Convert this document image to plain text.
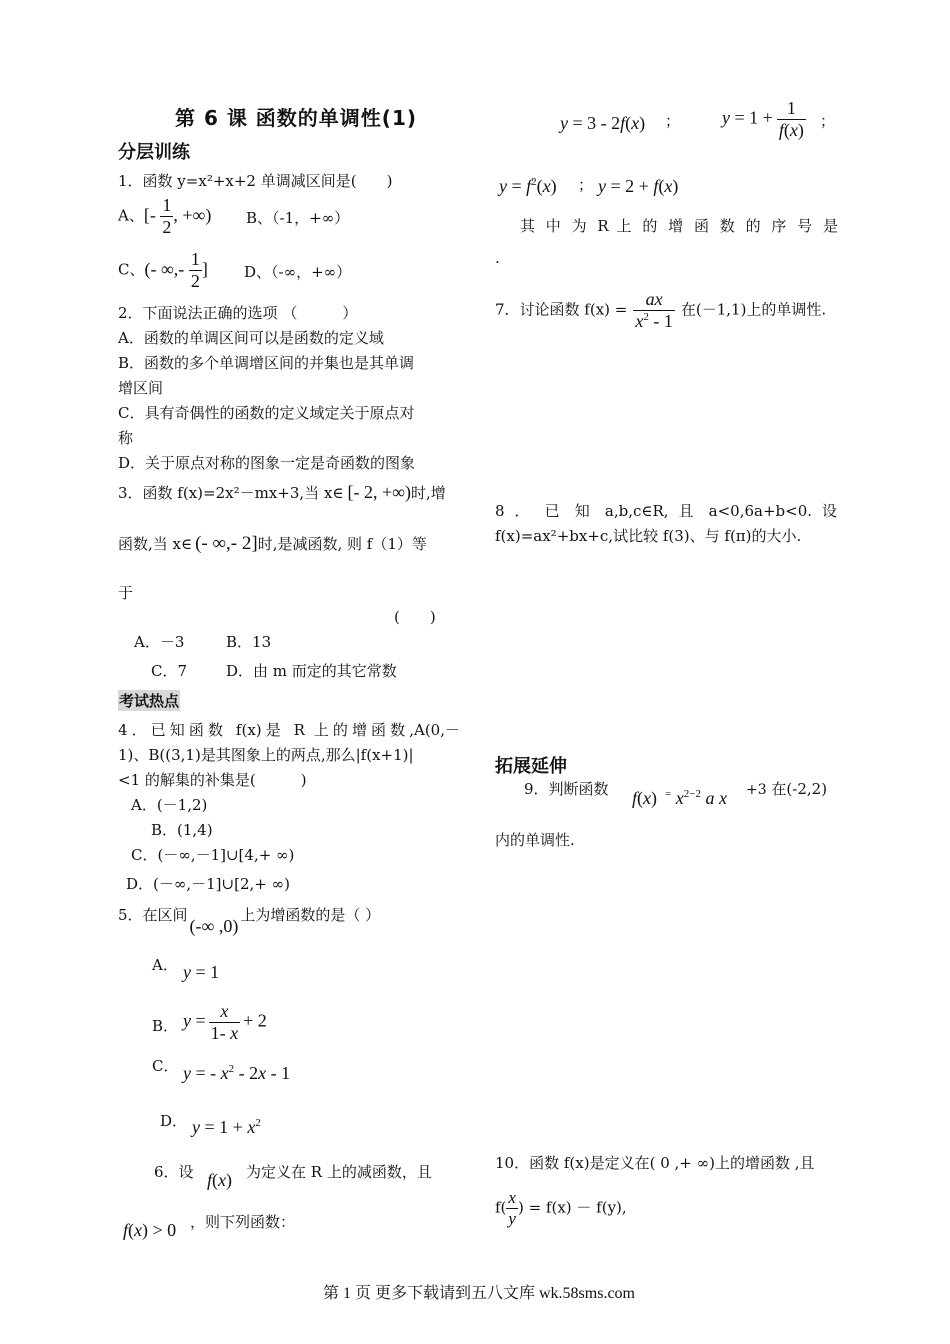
第 6 课 函数的单调性(1)
分层训练
1．函数 y=x²+x+2 单调减区间是(　　)
A、[- $\frac{1}{2}$ , +∞) B、（-1，+∞）
C、(- ∞,- $\frac{1}{2}$ ] D、（-∞，+∞）
2．下面说法正确的选项 （　　　）
A．函数的单调区间可以是函数的定义域
B．函数的多个单调增区间的并集也是其单调
增区间
C．具有奇偶性的函数的定义域定关于原点对
称
D．关于原点对称的图象一定是奇函数的图象
3．函数 f(x)=2x²－mx+3,当 x∈ [- 2, +∞)时,增
函数,当 x∈ (- ∞,- 2]时,是减函数, 则 f（1）等
于
(　　)
A．－3	B．13
C．7	D．由 m 而定的其它常数
考试热点
4．已知函数 f(x)是 R 上的增函数,A(0,－
1)、B((3,1)是其图象上的两点,那么|f(x+1)|
<1 的解集的补集是(　　　)
A．(－1,2)
B．(1,4)
C．(－∞,－1]∪[4,+ ∞)
D．(－∞,－1]∪[2,+ ∞)
5．在区间(-∞ ,0)上为增函数的是（ ）
A． y = 1
B． $y = \frac{x}{1- x} + 2$
C． y = - $x^2 - 2x - 1$
D． $y = 1 + x^2$
6．设 f(x) 为定义在 R 上的减函数，且
f(x) > 0 ，则下列函数：
y = 3 - 2f(x) ； $y = 1 + \frac{1}{f(x)}$ ；
$y = f^2(x)$ ； y = 2 + f(x)
其 中 为 R 上 的 增 函 数 的 序 号 是
.
7．讨论函数 $f(x) = \frac{ax}{x^2 - 1}$ 在(－1,1)上的单调性.
8 ． 已 知 a,b,c∈R, 且 a<0,6a+b<0. 设
f(x)=ax²+bx+c,试比较 f(3)、与 f(π)的大小.
拓展延伸
9．判断函数 f(x) = $x^{2-2}$ a x +3 在(-2,2)
内的单调性.
10．函数 f(x)是定义在( 0 ,+ ∞)上的增函数 ,且
$f( \frac{x}{y}$ ) = f(x) － f(y),
第 1 页 更多下载请到五八文库 wk.58sms.com
